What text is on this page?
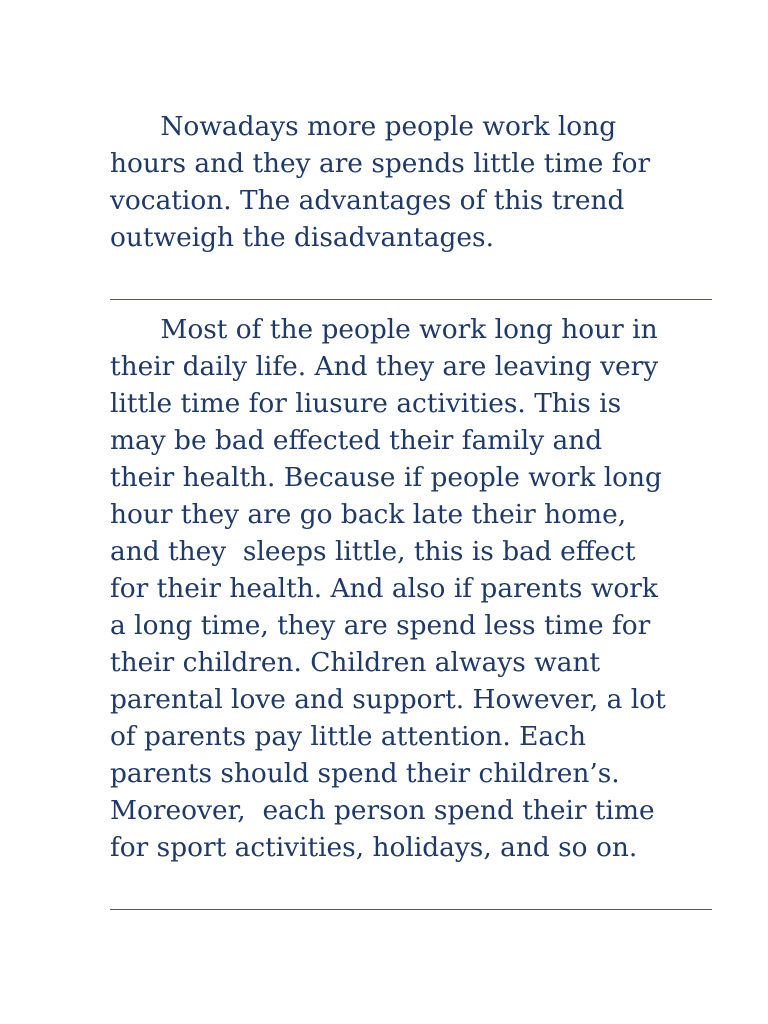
Nowadays more people work long
hours and they are spends little time for
vocation. The advantages of this trend
outweigh the disadvantages.

Most of the people work long hour in
their daily life. And they are leaving very
little time for liusure activities. This is
may be bad effected their family and
their health. Because if people work long
hour they are go back late their home,
and they  sleeps little, this is bad effect
for their health. And also if parents work
a long time, they are spend less time for
their children. Children always want
parental love and support. However, a lot
of parents pay little attention. Each
parents should spend their children’s.
Moreover,  each person spend their time
for sport activities, holidays, and so on.
